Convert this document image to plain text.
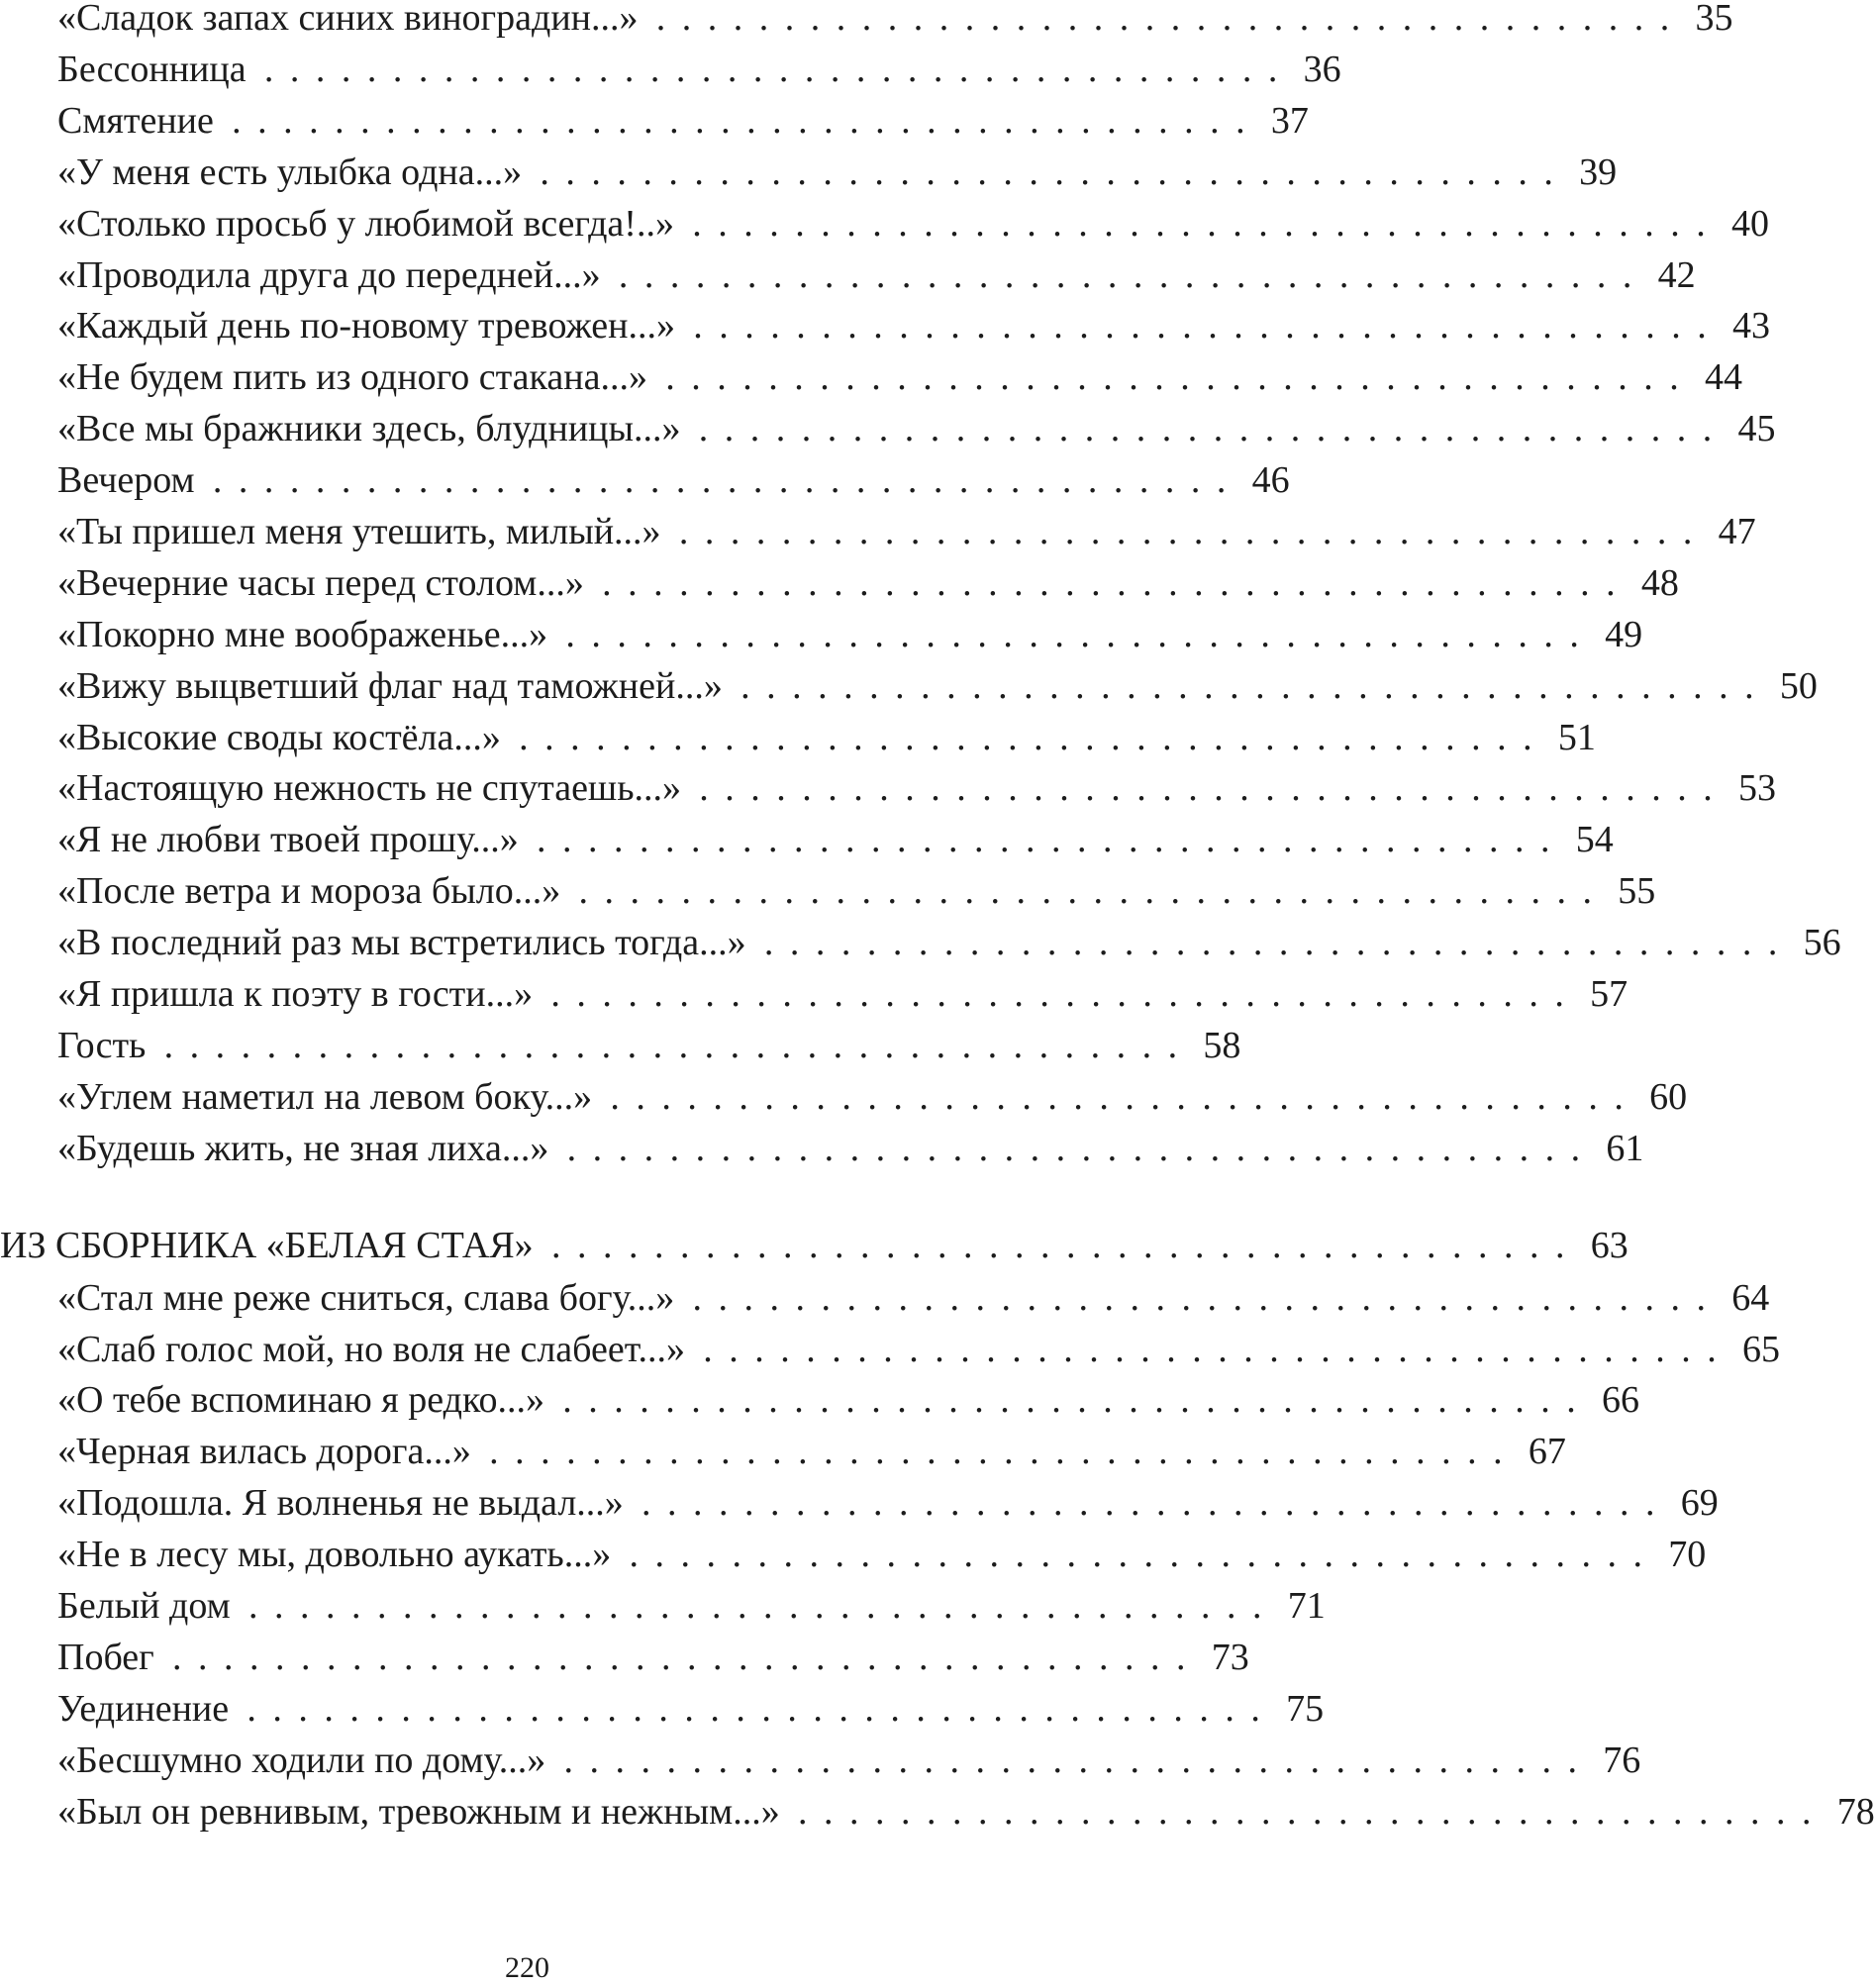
«Сладок запах синих виноградин...»	........................................	35
Бессонница	........................................	36
Смятение	........................................	37
«У меня есть улыбка одна...»	........................................	39
«Столько просьб у любимой всегда!..»	........................................	40
«Проводила друга до передней...»	........................................	42
«Каждый день по-новому тревожен...»	........................................	43
«Не будем пить из одного стакана...»	........................................	44
«Все мы бражники здесь, блудницы...»	........................................	45
Вечером	........................................	46
«Ты пришел меня утешить, милый...»	........................................	47
«Вечерние часы перед столом...»	........................................	48
«Покорно мне воображенье...»	........................................	49
«Вижу выцветший флаг над таможней...»	........................................	50
«Высокие своды костёла...»	........................................	51
«Настоящую нежность не спутаешь...»	........................................	53
«Я не любви твоей прошу...»	........................................	54
«После ветра и мороза было...»	........................................	55
«В последний раз мы встретились тогда...»	........................................	56
«Я пришла к поэту в гости...»	........................................	57
Гость	........................................	58
«Углем наметил на левом боку...»	........................................	60
«Будешь жить, не зная лиха...»	........................................	61
ИЗ СБОРНИКА «БЕЛАЯ СТАЯ»	........................................	63
«Стал мне реже сниться, слава богу...»	........................................	64
«Слаб голос мой, но воля не слабеет...»	........................................	65
«О тебе вспоминаю я редко...»	........................................	66
«Черная вилась дорога...»	........................................	67
«Подошла. Я волненья не выдал...»	........................................	69
«Не в лесу мы, довольно аукать...»	........................................	70
Белый дом	........................................	71
Побег	........................................	73
Уединение	........................................	75
«Бесшумно ходили по дому...»	........................................	76
«Был он ревнивым, тревожным и нежным...»	........................................	78
220
